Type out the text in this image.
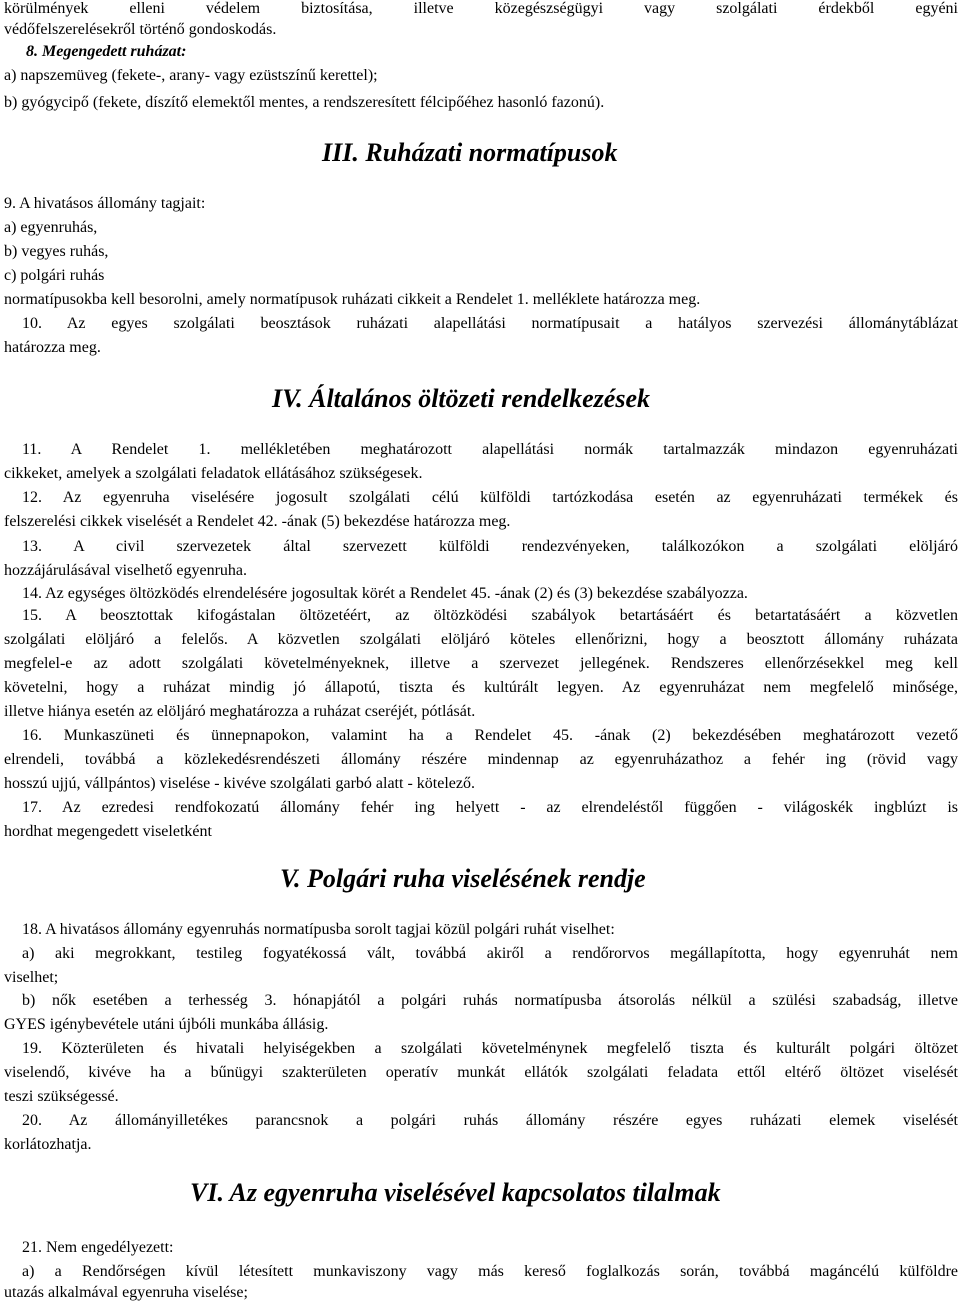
körülmények elleni védelem biztosítása, illetve közegészségügyi vagy szolgálati érdekből egyéni
védőfelszerelésekről történő gondoskodás.
8. Megengedett ruházat:
a) napszemüveg (fekete-, arany- vagy ezüstszínű kerettel);
b) gyógycipő (fekete, díszítő elemektől mentes, a rendszeresített félcipőéhez hasonló fazonú).
III. Ruházati normatípusok
9. A hivatásos állomány tagjait:
a) egyenruhás,
b) vegyes ruhás,
c) polgári ruhás
normatípusokba kell besorolni, amely normatípusok ruházati cikkeit a Rendelet 1. melléklete határozza meg.
10. Az egyes szolgálati beosztások ruházati alapellátási normatípusait a hatályos szervezési állománytáblázat
határozza meg.
IV. Általános öltözeti rendelkezések
11. A Rendelet 1. mellékletében meghatározott alapellátási normák tartalmazzák mindazon egyenruházati
cikkeket, amelyek a szolgálati feladatok ellátásához szükségesek.
12. Az egyenruha viselésére jogosult szolgálati célú külföldi tartózkodása esetén az egyenruházati termékek és
felszerelési cikkek viselését a Rendelet 42. -ának (5) bekezdése határozza meg.
13. A civil szervezetek által szervezett külföldi rendezvényeken, találkozókon a szolgálati elöljáró
hozzájárulásával viselhető egyenruha.
14. Az egységes öltözködés elrendelésére jogosultak körét a Rendelet 45. -ának (2) és (3) bekezdése szabályozza.
15. A beosztottak kifogástalan öltözetéért, az öltözködési szabályok betartásáért és betartatásáért a közvetlen
szolgálati elöljáró a felelős. A közvetlen szolgálati elöljáró köteles ellenőrizni, hogy a beosztott állomány ruházata
megfelel-e az adott szolgálati követelményeknek, illetve a szervezet jellegének. Rendszeres ellenőrzésekkel meg kell
követelni, hogy a ruházat mindig jó állapotú, tiszta és kultúrált legyen. Az egyenruházat nem megfelelő minősége,
illetve hiánya esetén az elöljáró meghatározza a ruházat cseréjét, pótlását.
16. Munkaszüneti és ünnepnapokon, valamint ha a Rendelet 45. -ának (2) bekezdésében meghatározott vezető
elrendeli, továbbá a közlekedésrendészeti állomány részére mindennap az egyenruházathoz a fehér ing (rövid vagy
hosszú ujjú, vállpántos) viselése - kivéve szolgálati garbó alatt - kötelező.
17. Az ezredesi rendfokozatú állomány fehér ing helyett - az elrendeléstől függően - világoskék ingblúzt is
hordhat megengedett viseletként
V. Polgári ruha viselésének rendje
18. A hivatásos állomány egyenruhás normatípusba sorolt tagjai közül polgári ruhát viselhet:
a) aki megrokkant, testileg fogyatékossá vált, továbbá akiről a rendőrorvos megállapította, hogy egyenruhát nem
viselhet;
b) nők esetében a terhesség 3. hónapjától a polgári ruhás normatípusba átsorolás nélkül a szülési szabadság, illetve
GYES igénybevétele utáni újbóli munkába állásig.
19. Közterületen és hivatali helyiségekben a szolgálati követelménynek megfelelő tiszta és kulturált polgári öltözet
viselendő, kivéve ha a bűnügyi szakterületen operatív munkát ellátók szolgálati feladata ettől eltérő öltözet viselését
teszi szükségessé.
20. Az állományilletékes parancsnok a polgári ruhás állomány részére egyes ruházati elemek viselését
korlátozhatja.
VI. Az egyenruha viselésével kapcsolatos tilalmak
21. Nem engedélyezett:
a) a Rendőrségen kívül létesített munkaviszony vagy más kereső foglalkozás során, továbbá magáncélú külföldre
utazás alkalmával egyenruha viselése;
